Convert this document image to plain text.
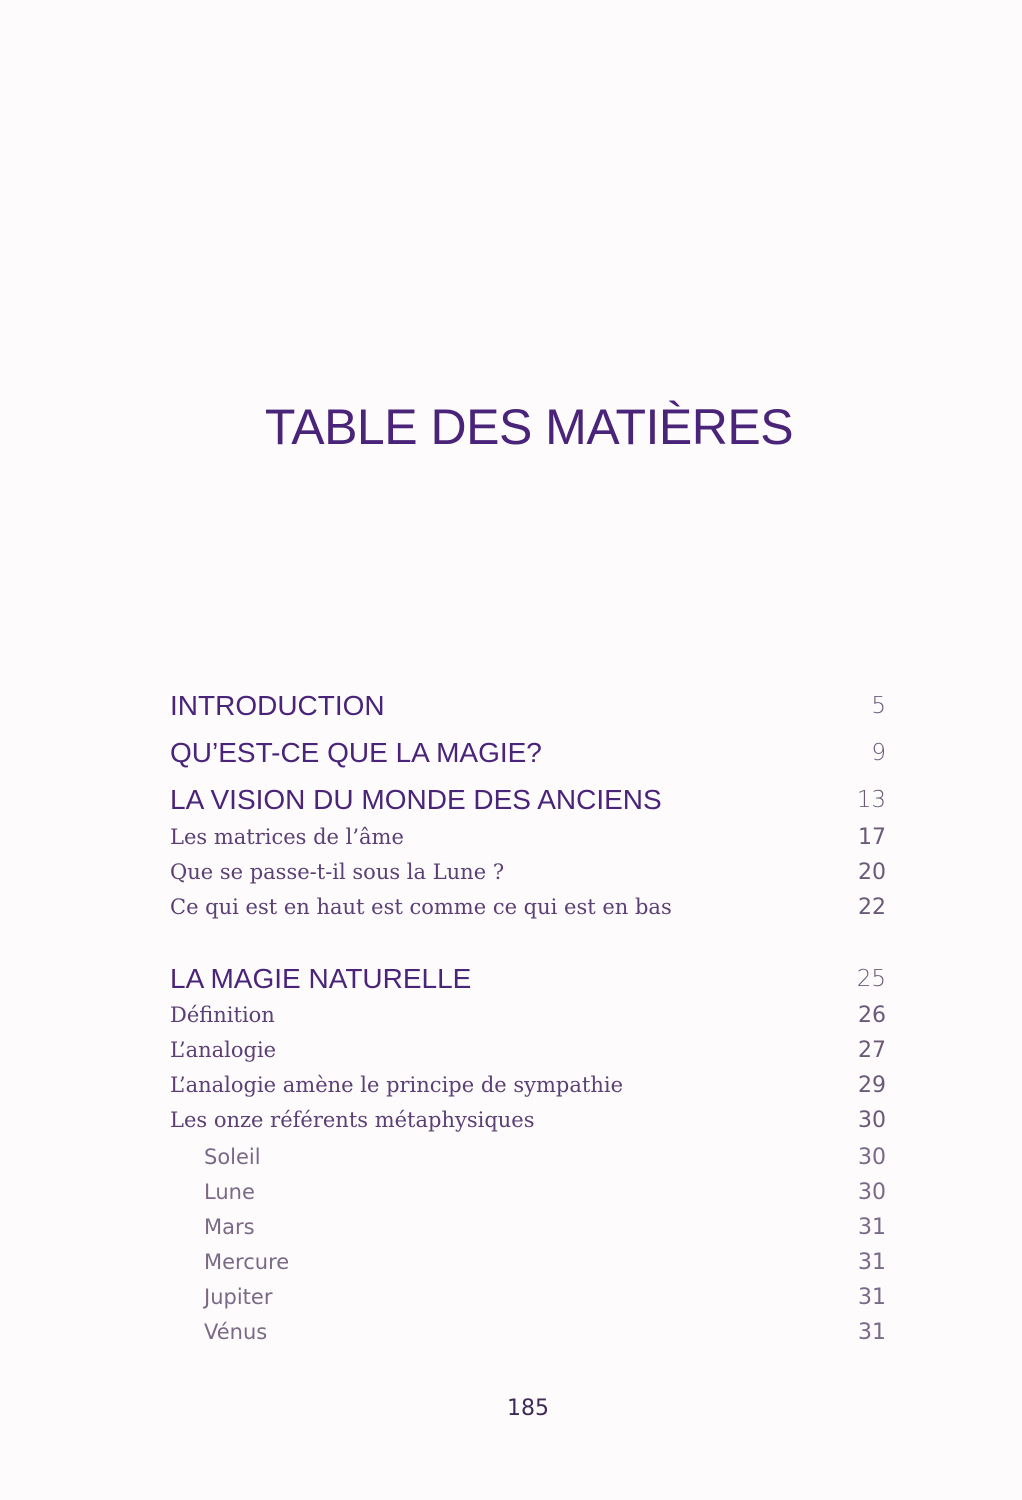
TABLE DES MATIÈRES
INTRODUCTION	5
QU’EST-CE QUE LA MAGIE?	9
LA VISION DU MONDE DES ANCIENS	13
Les matrices de l’âme	17
Que se passe-t-il sous la Lune ?	20
Ce qui est en haut est comme ce qui est en bas	22
LA MAGIE NATURELLE	25
Définition	26
L’analogie	27
L’analogie amène le principe de sympathie	29
Les onze référents métaphysiques	30
Soleil	30
Lune	30
Mars	31
Mercure	31
Jupiter	31
Vénus	31
185
